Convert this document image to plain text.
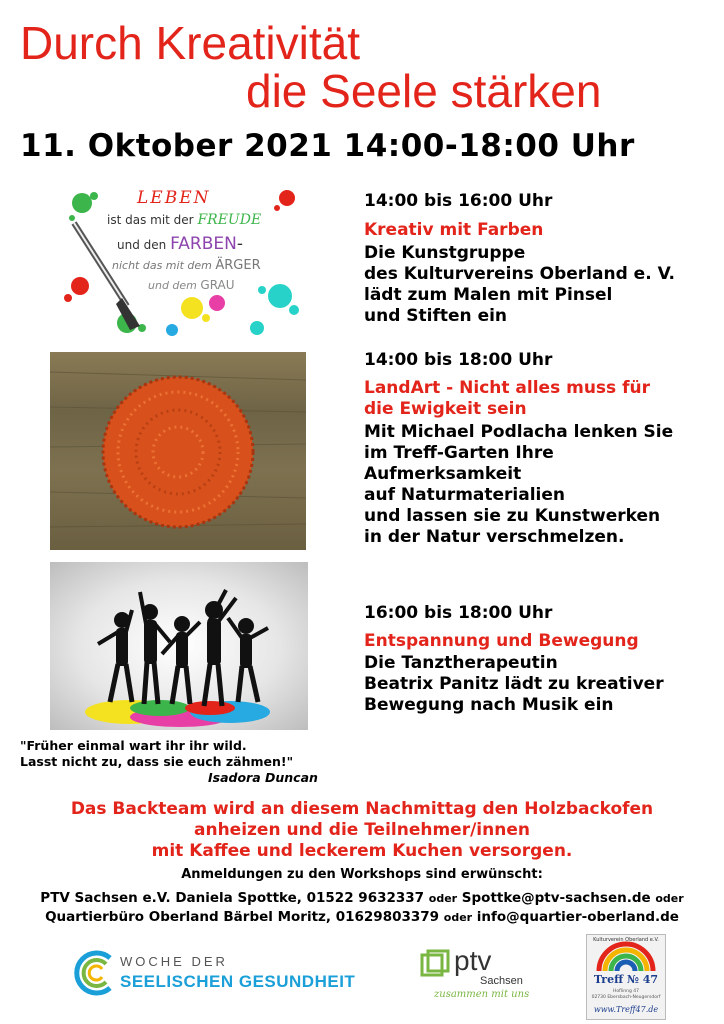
Durch Kreativität
die Seele stärken
11. Oktober 2021 14:00-18:00 Uhr
LEBEN
ist das mit der FREUDE
und den FARBEN-
nicht das mit dem ÄRGER
und dem GRAU
14:00 bis 16:00 Uhr
Kreativ mit Farben
Die Kunstgruppe
des Kulturvereins Oberland e. V.
lädt zum Malen mit Pinsel
und Stiften ein
14:00 bis 18:00 Uhr
LandArt - Nicht alles muss für
die Ewigkeit sein
Mit Michael Podlacha lenken Sie
im Treff-Garten Ihre
Aufmerksamkeit
auf Naturmaterialien
und lassen sie zu Kunstwerken
in der Natur verschmelzen.
16:00 bis 18:00 Uhr
Entspannung und Bewegung
Die Tanztherapeutin
Beatrix Panitz lädt zu kreativer
Bewegung nach Musik ein
"Früher einmal wart ihr ihr wild.
Lasst nicht zu, dass sie euch zähmen!"
Isadora Duncan
Das Backteam wird an diesem Nachmittag den Holzbackofen
anheizen und die Teilnehmer/innen
mit Kaffee und leckerem Kuchen versorgen.
Anmeldungen zu den Workshops sind erwünscht:
PTV Sachsen e.V. Daniela Spottke, 01522 9632337 oder Spottke@ptv-sachsen.de oder
Quartierbüro Oberland Bärbel Moritz, 01629803379 oder info@quartier-oberland.de
WOCHE DER
SEELISCHEN GESUNDHEIT
ptv
Sachsen
zusammen mit uns
Kulturverein Oberland e.V.
Treff № 47
Hoflinng 47
02730 Ebersbach-Neugersdorf
www.Treff47.de
